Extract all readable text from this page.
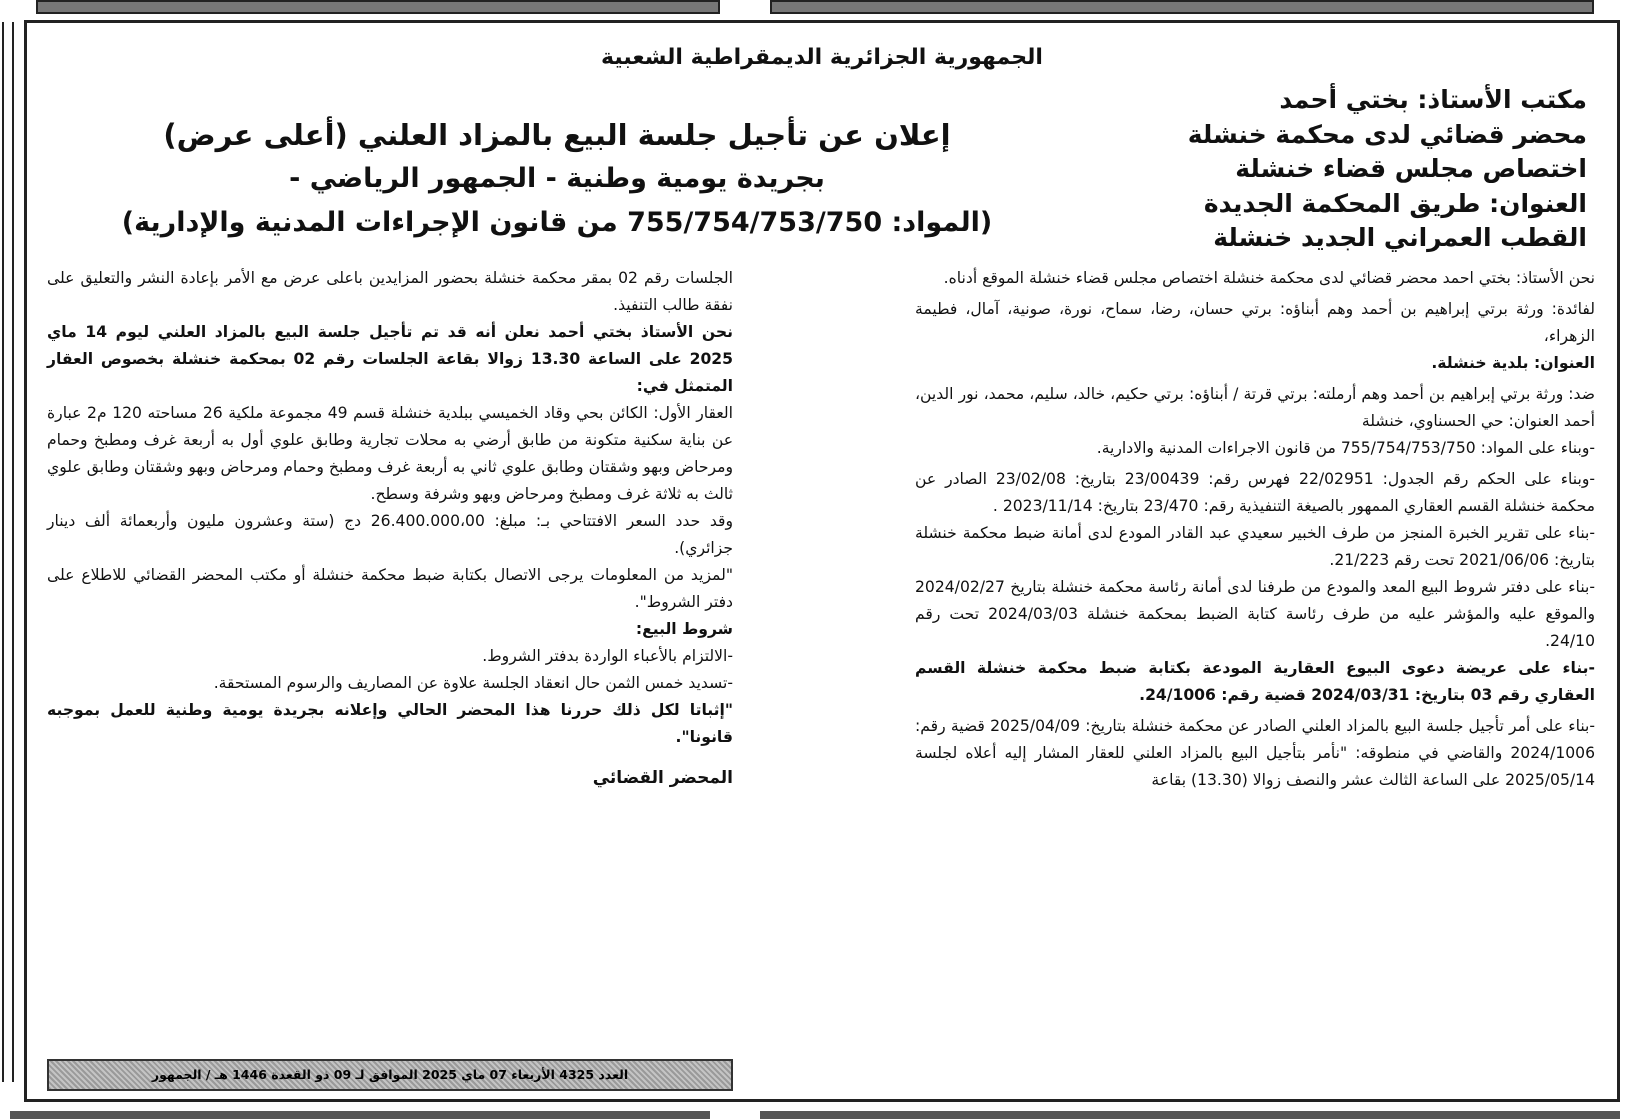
الجمهورية الجزائرية الديمقراطية الشعبية
مكتب الأستاذ: بختي أحمد
محضر قضائي لدى محكمة خنشلة
اختصاص مجلس قضاء خنشلة
العنوان: طريق المحكمة الجديدة
القطب العمراني الجديد خنشلة
إعلان عن تأجيل جلسة البيع بالمزاد العلني (أعلى عرض)
بجريدة يومية وطنية - الجمهور الرياضي -
(المواد: 755/754/753/750 من قانون الإجراءات المدنية والإدارية)

نحن الأستاذ: بختي احمد محضر قضائي لدى محكمة خنشلة اختصاص مجلس قضاء خنشلة الموقع أدناه.

لفائدة: ورثة برتي إبراهيم بن أحمد وهم أبناؤه: برتي حسان، رضا، سماح، نورة، صونية، آمال، فطيمة الزهراء،

العنوان: بلدية خنشلة.

ضد: ورثة برتي إبراهيم بن أحمد وهم أرملته: برتي قرتة / أبناؤه: برتي حكيم، خالد، سليم، محمد، نور الدين، أحمد العنوان: حي الحسناوي، خنشلة

-وبناء على المواد: 755/754/753/750 من قانون الاجراءات المدنية والادارية.

-وبناء على الحكم رقم الجدول: 22/02951 فهرس رقم: 23/00439 بتاريخ: 23/02/08 الصادر عن محكمة خنشلة القسم العقاري الممهور بالصيغة التنفيذية رقم: 23/470 بتاريخ: 2023/11/14 .

-بناء على تقرير الخبرة المنجز من طرف الخبير سعيدي عبد القادر المودع لدى أمانة ضبط محكمة خنشلة بتاريخ: 2021/06/06 تحت رقم 21/223.

-بناء على دفتر شروط البيع المعد والمودع من طرفنا لدى أمانة رئاسة محكمة خنشلة بتاريخ 2024/02/27 والموقع عليه والمؤشر عليه من طرف رئاسة كتابة الضبط بمحكمة خنشلة 2024/03/03 تحت رقم 24/10.

-بناء على عريضة دعوى البيوع العقارية المودعة بكتابة ضبط محكمة خنشلة القسم العقاري رقم 03 بتاريخ: 2024/03/31 قضية رقم: 24/1006.

-بناء على أمر تأجيل جلسة البيع بالمزاد العلني الصادر عن محكمة خنشلة بتاريخ: 2025/04/09 قضية رقم: 2024/1006 والقاضي في منطوقه: "نأمر بتأجيل البيع بالمزاد العلني للعقار المشار إليه أعلاه لجلسة 2025/05/14 على الساعة الثالث عشر والنصف زوالا (13.30) بقاعة

الجلسات رقم 02 بمقر محكمة خنشلة بحضور المزايدين باعلى عرض مع الأمر بإعادة النشر والتعليق على نفقة طالب التنفيذ.

نحن الأستاذ بختي أحمد نعلن أنه قد تم تأجيل جلسة البيع بالمزاد العلني ليوم 14 ماي 2025 على الساعة 13.30 زوالا بقاعة الجلسات رقم 02 بمحكمة خنشلة بخصوص العقار المتمثل في:

العقار الأول: الكائن بحي وقاد الخميسي ببلدية خنشلة قسم 49 مجموعة ملكية 26 مساحته 120 م2 عبارة عن بناية سكنية متكونة من طابق أرضي به محلات تجارية وطابق علوي أول به أربعة غرف ومطبخ وحمام ومرحاض وبهو وشقتان وطابق علوي ثاني به أربعة غرف ومطبخ وحمام ومرحاض وبهو وشقتان وطابق علوي ثالث به ثلاثة غرف ومطبخ ومرحاض وبهو وشرفة وسطح.

وقد حدد السعر الافتتاحي بـ: مبلغ: 26.400.000،00 دج (ستة وعشرون مليون وأربعمائة ألف دينار جزائري).

"لمزيد من المعلومات يرجى الاتصال بكتابة ضبط محكمة خنشلة أو مكتب المحضر القضائي للاطلاع على دفتر الشروط".

شروط البيع:

-الالتزام بالأعباء الواردة بدفتر الشروط.

-تسديد خمس الثمن حال انعقاد الجلسة علاوة عن المصاريف والرسوم المستحقة.

"إثباتا لكل ذلك حررنا هذا المحضر الحالي وإعلانه بجريدة يومية وطنية للعمل بموجبه قانونا".

المحضر القضائي
العدد 4325 الأربعاء 07 ماي 2025 الموافق لـ 09 ذو القعدة 1446 هـ / الجمهور
